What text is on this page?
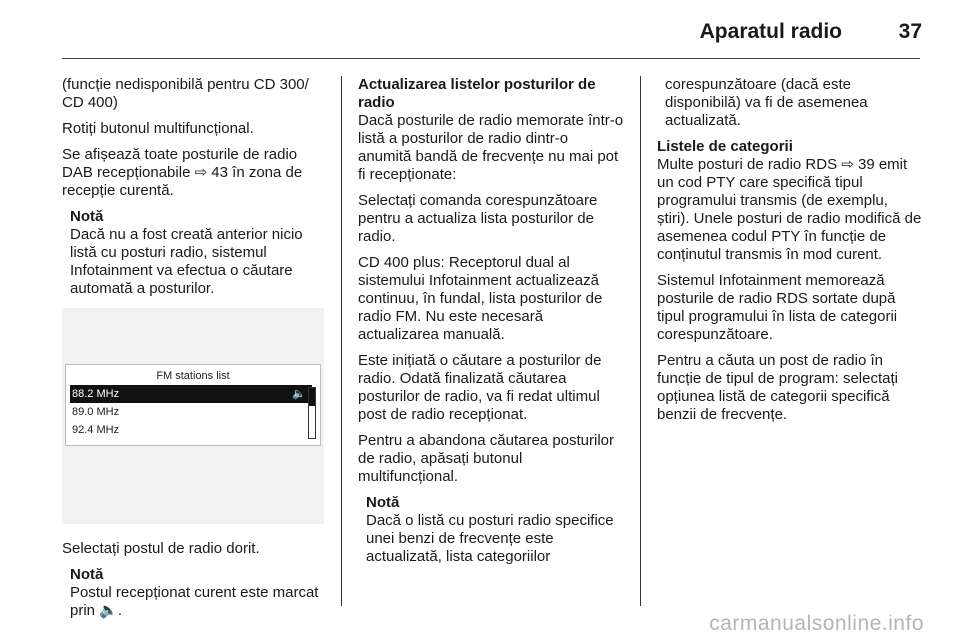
Aparatul radio	37

(funcție nedisponibilă pentru CD 300/ CD 400)

Rotiți butonul multifuncțional.

Se afișează toate posturile de radio DAB recepționabile ⇨ 43 în zona de recepție curentă.

Notă
Dacă nu a fost creată anterior nicio listă cu posturi radio, sistemul Infotainment va efectua o căutare automată a posturilor.
FM stations list
88.2 MHz	🔈
89.0 MHz
92.4 MHz

Selectați postul de radio dorit.

Notă
Postul recepționat curent este marcat prin 🔈.
Actualizarea listelor posturilor de radio

Dacă posturile de radio memorate într-o listă a posturilor de radio dintr-o anumită bandă de frecvențe nu mai pot fi recepționate:

Selectați comanda corespunzătoare pentru a actualiza lista posturilor de radio.

CD 400 plus: Receptorul dual al sistemului Infotainment actualizează continuu, în fundal, lista posturilor de radio FM. Nu este necesară actualizarea manuală.

Este inițiată o căutare a posturilor de radio. Odată finalizată căutarea posturilor de radio, va fi redat ultimul post de radio recepționat.

Pentru a abandona căutarea posturilor de radio, apăsați butonul multifuncțional.

Notă
Dacă o listă cu posturi radio specifice unei benzi de frecvențe este actualizată, lista categoriilor

corespunzătoare (dacă este disponibilă) va fi de asemenea actualizată.

Listele de categorii

Multe posturi de radio RDS ⇨ 39 emit un cod PTY care specifică tipul programului transmis (de exemplu, știri). Unele posturi de radio modifică de asemenea codul PTY în funcție de conținutul transmis în mod curent.

Sistemul Infotainment memorează posturile de radio RDS sortate după tipul programului în lista de categorii corespunzătoare.

Pentru a căuta un post de radio în funcție de tipul de program: selectați opțiunea listă de categorii specifică benzii de frecvențe.

carmanualsonline.info
